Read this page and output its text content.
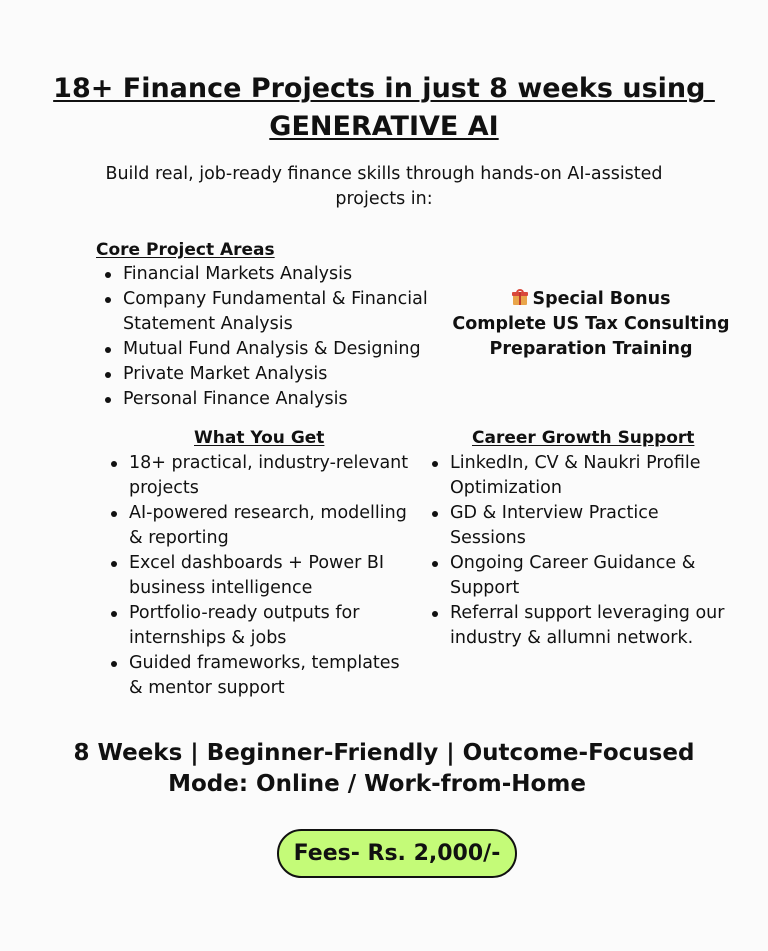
18+ Finance Projects in just 8 weeks using
GENERATIVE AI
Build real, job-ready finance skills through hands-on AI-assisted projects in:
Core Project Areas
Financial Markets Analysis
Company Fundamental & Financial Statement Analysis
Mutual Fund Analysis & Designing
Private Market Analysis
Personal Finance Analysis
Special Bonus
Complete US Tax Consulting
Preparation Training
What You Get
18+ practical, industry-relevant projects
AI-powered research, modelling & reporting
Excel dashboards + Power BI business intelligence
Portfolio-ready outputs for internships & jobs
Guided frameworks, templates & mentor support
Career Growth Support
LinkedIn, CV & Naukri Profile Optimization
GD & Interview Practice Sessions
Ongoing Career Guidance & Support
Referral support leveraging our industry & allumni network.
8 Weeks | Beginner-Friendly | Outcome-Focused
Mode: Online / Work-from-Home
Fees- Rs. 2,000/-
